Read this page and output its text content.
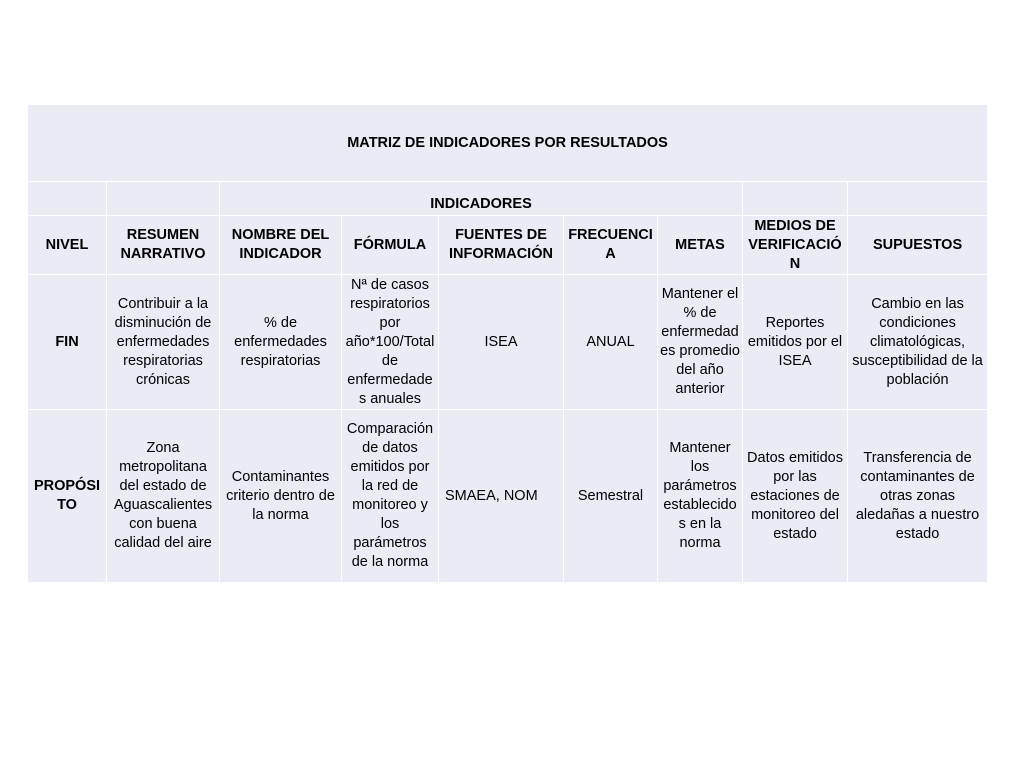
MATRIZ DE INDICADORES POR RESULTADOS								
		INDICADORES						
NIVEL	RESUMEN NARRATIVO	NOMBRE DEL INDICADOR	FÓRMULA	FUENTES DE INFORMACIÓN	FRECUENCIA	METAS	MEDIOS DE VERIFICACIÓN	SUPUESTOS
FIN	Contribuir a la disminución de enfermedades respiratorias crónicas	% de enfermedades respiratorias	Nª de casos respiratorios por año*100/Total de enfermedades anuales	ISEA	ANUAL	Mantener el % de enfermedades promedio del año anterior	Reportes emitidos por el ISEA	Cambio en las condiciones climatológicas, susceptibilidad de la población
PROPÓSITO	Zona metropolitana del estado de Aguascalientes con buena calidad del aire	Contaminantes criterio dentro de la norma	Comparación de datos emitidos por la red de monitoreo y los parámetros de la norma	SMAEA, NOM	Semestral	Mantener los parámetros establecidos en la norma	Datos emitidos por las estaciones de monitoreo del estado	Transferencia de contaminantes de otras zonas aledañas a nuestro estado
